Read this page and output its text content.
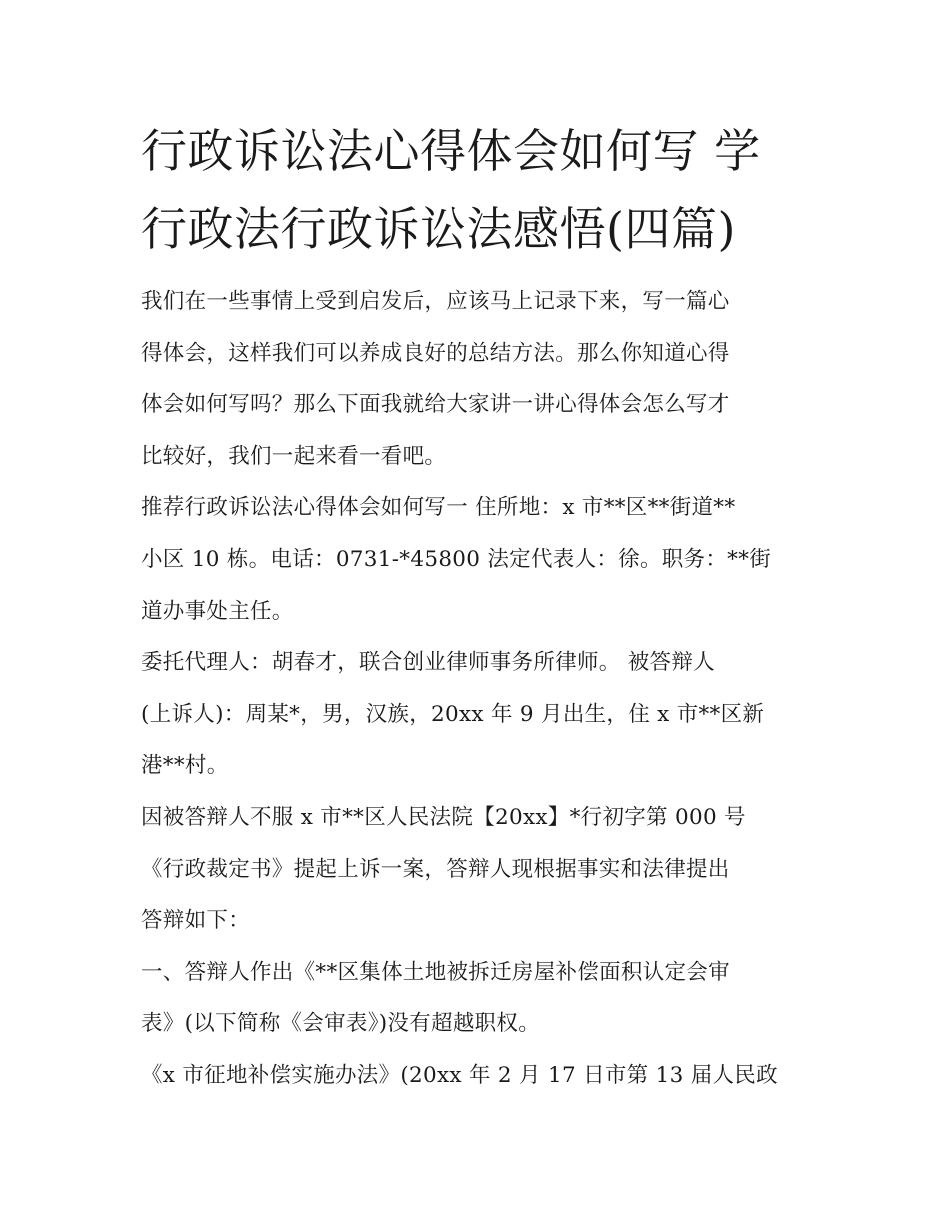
行政诉讼法心得体会如何写 学
行政法行政诉讼法感悟(四篇)

我们在一些事情上受到启发后，应该马上记录下来，写一篇心
得体会，这样我们可以养成良好的总结方法。那么你知道心得
体会如何写吗？那么下面我就给大家讲一讲心得体会怎么写才
比较好，我们一起来看一看吧。

推荐行政诉讼法心得体会如何写一 住所地：x 市**区**街道**
小区 10 栋。电话：0731-*45800 法定代表人：徐。职务：**街
道办事处主任。

委托代理人：胡春才，联合创业律师事务所律师。 被答辩人
(上诉人)：周某*，男，汉族，20xx 年 9 月出生，住 x 市**区新
港**村。

因被答辩人不服 x 市**区人民法院【20xx】*行初字第 000 号
《行政裁定书》提起上诉一案，答辩人现根据事实和法律提出
答辩如下：

一、答辩人作出《**区集体土地被拆迁房屋补偿面积认定会审
表》(以下简称《会审表》)没有超越职权。

《x 市征地补偿实施办法》(20xx 年 2 月 17 日市第 13 届人民政
